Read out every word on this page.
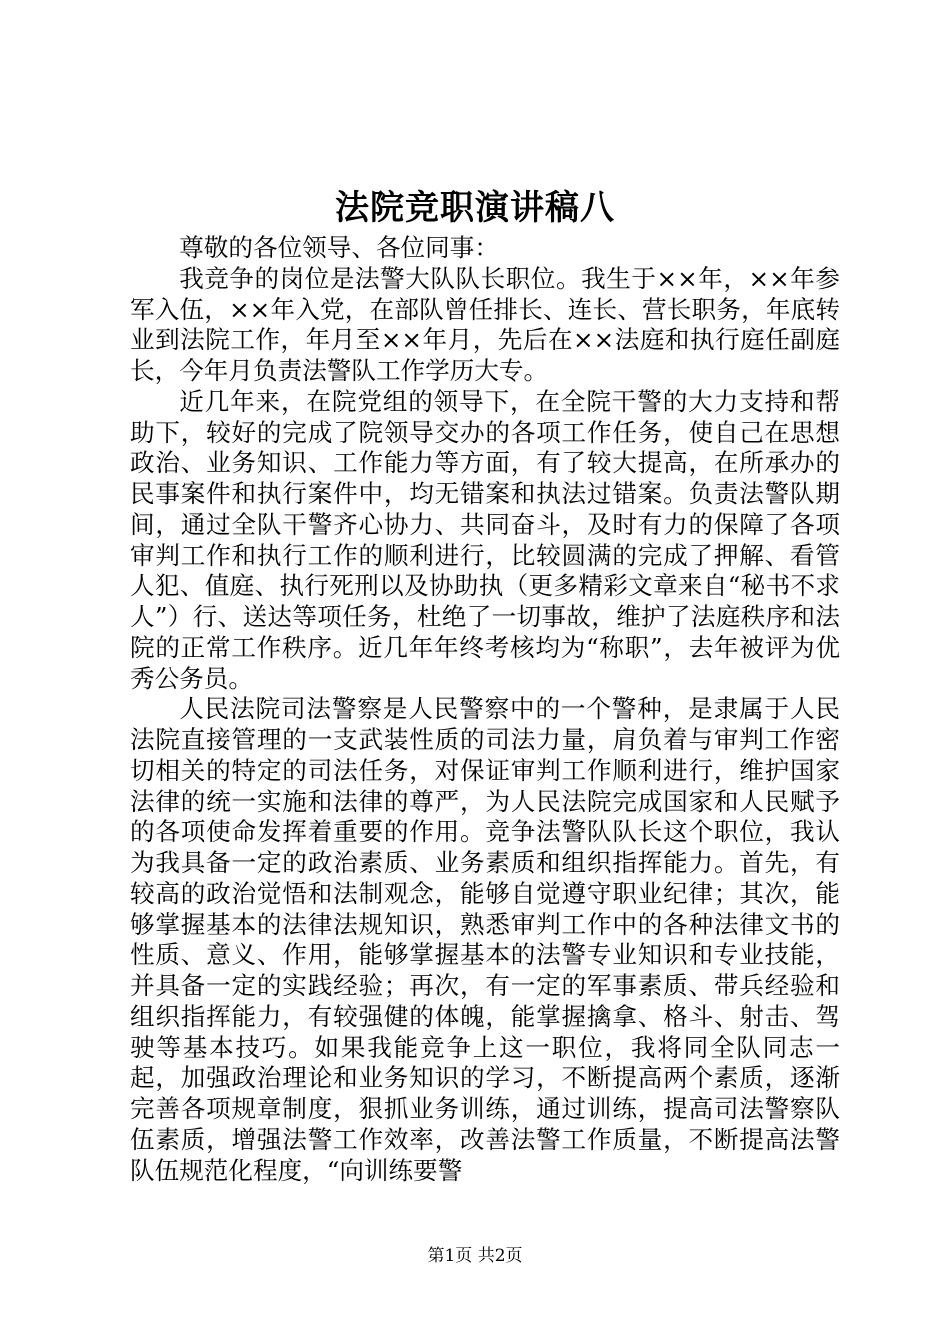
法院竞职演讲稿八

尊敬的各位领导、各位同事：

我竞争的岗位是法警大队队长职位。我生于××年，××年参军入伍，××年入党，在部队曾任排长、连长、营长职务，年底转业到法院工作，年月至××年月，先后在××法庭和执行庭任副庭长，今年月负责法警队工作学历大专。

近几年来，在院党组的领导下，在全院干警的大力支持和帮助下，较好的完成了院领导交办的各项工作任务，使自己在思想政治、业务知识、工作能力等方面，有了较大提高，在所承办的民事案件和执行案件中，均无错案和执法过错案。负责法警队期间，通过全队干警齐心协力、共同奋斗，及时有力的保障了各项审判工作和执行工作的顺利进行，比较圆满的完成了押解、看管人犯、值庭、执行死刑以及协助执（更多精彩文章来自“秘书不求人”）行、送达等项任务，杜绝了一切事故，维护了法庭秩序和法院的正常工作秩序。近几年年终考核均为“称职”，去年被评为优秀公务员。

人民法院司法警察是人民警察中的一个警种，是隶属于人民法院直接管理的一支武装性质的司法力量，肩负着与审判工作密切相关的特定的司法任务，对保证审判工作顺利进行，维护国家法律的统一实施和法律的尊严，为人民法院完成国家和人民赋予的各项使命发挥着重要的作用。竞争法警队队长这个职位，我认为我具备一定的政治素质、业务素质和组织指挥能力。首先，有较高的政治觉悟和法制观念，能够自觉遵守职业纪律；其次，能够掌握基本的法律法规知识，熟悉审判工作中的各种法律文书的性质、意义、作用，能够掌握基本的法警专业知识和专业技能，并具备一定的实践经验；再次，有一定的军事素质、带兵经验和组织指挥能力，有较强健的体魄，能掌握擒拿、格斗、射击、驾驶等基本技巧。如果我能竞争上这一职位，我将同全队同志一起，加强政治理论和业务知识的学习，不断提高两个素质，逐渐完善各项规章制度，狠抓业务训练，通过训练，提高司法警察队伍素质，增强法警工作效率，改善法警工作质量，不断提高法警队伍规范化程度，“向训练要警

第1页 共2页
